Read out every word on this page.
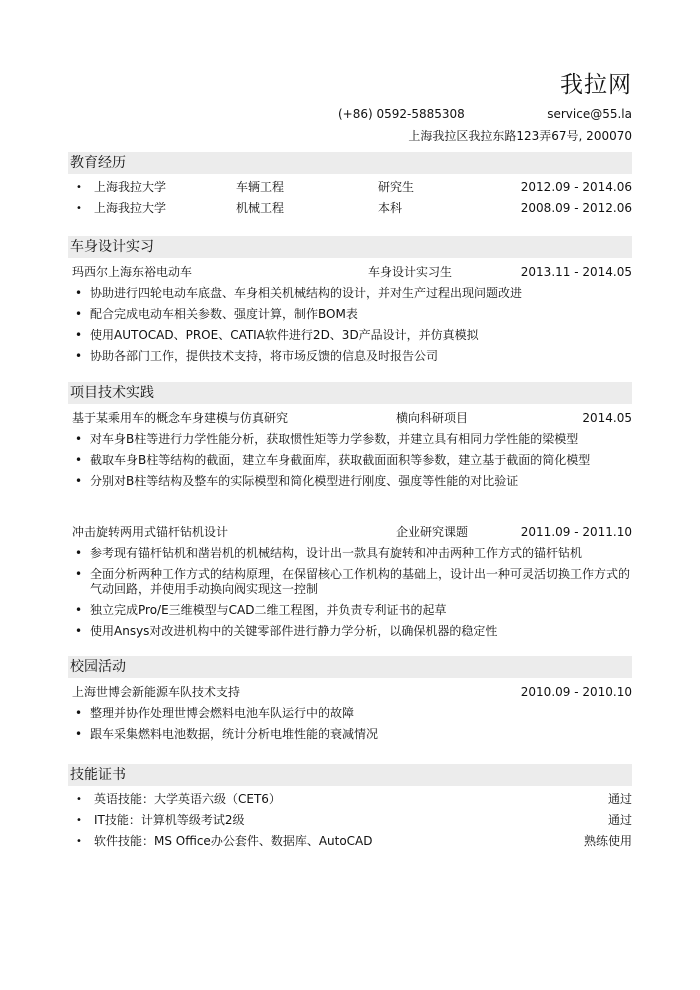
我拉网
(+86) 0592-5885308	service@55.la
上海我拉区我拉东路123弄67号, 200070
教育经历
• 上海我拉大学	车辆工程	研究生	2012.09 - 2014.06
• 上海我拉大学	机械工程	本科	2008.09 - 2012.06
车身设计实习
玛西尔上海东裕电动车	车身设计实习生	2013.11 - 2014.05
• 协助进行四轮电动车底盘、车身相关机械结构的设计，并对生产过程出现问题改进
• 配合完成电动车相关参数、强度计算，制作BOM表
• 使用AUTOCAD、PROE、CATIA软件进行2D、3D产品设计，并仿真模拟
• 协助各部门工作，提供技术支持，将市场反馈的信息及时报告公司
项目技术实践
基于某乘用车的概念车身建模与仿真研究	横向科研项目	2014.05
• 对车身B柱等进行力学性能分析，获取惯性矩等力学参数，并建立具有相同力学性能的梁模型
• 截取车身B柱等结构的截面，建立车身截面库，获取截面面积等参数，建立基于截面的简化模型
• 分别对B柱等结构及整车的实际模型和简化模型进行刚度、强度等性能的对比验证
冲击旋转两用式锚杆钻机设计	企业研究课题	2011.09 - 2011.10
• 参考现有锚杆钻机和凿岩机的机械结构，设计出一款具有旋转和冲击两种工作方式的锚杆钻机
• 全面分析两种工作方式的结构原理，在保留核心工作机构的基础上，设计出一种可灵活切换工作方式的气动回路，并使用手动换向阀实现这一控制
• 独立完成Pro/E三维模型与CAD二维工程图，并负责专利证书的起草
• 使用Ansys对改进机构中的关键零部件进行静力学分析，以确保机器的稳定性
校园活动
上海世博会新能源车队技术支持	2010.09 - 2010.10
• 整理并协作处理世博会燃料电池车队运行中的故障
• 跟车采集燃料电池数据，统计分析电堆性能的衰减情况
技能证书
• 英语技能：大学英语六级（CET6）	通过
• IT技能：计算机等级考试2级	通过
• 软件技能：MS Office办公套件、数据库、AutoCAD	熟练使用
